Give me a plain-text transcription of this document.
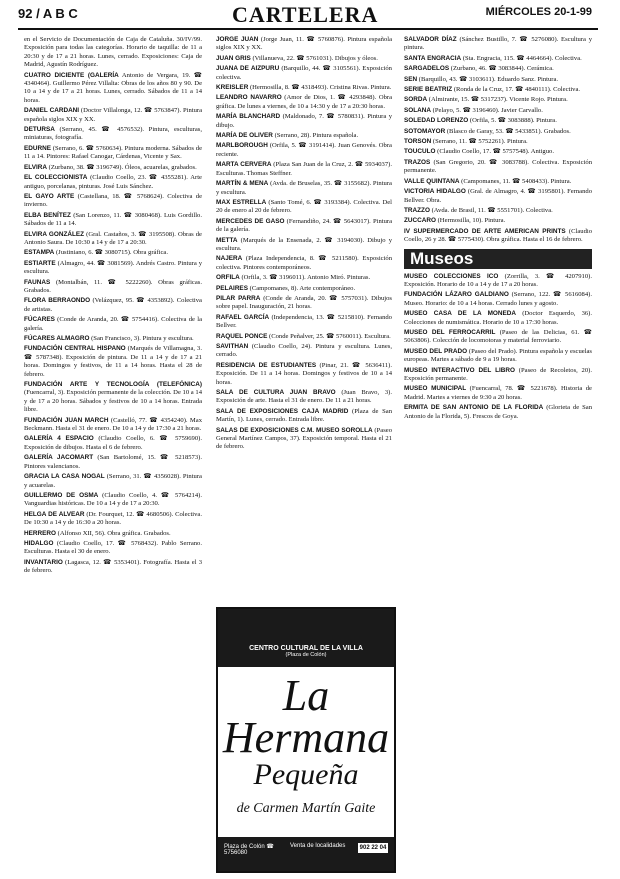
92 / A B C	CARTELERA	MIÉRCOLES 20-1-99

en el Servicio de Documentación de Caja de Cataluña. 30/IV/99. Exposición para todas las categorías. Horario de taquilla: de 11 a 20:30 y de 17 a 21 horas. Lunes, cerrado. Exposiciones: Caja de Madrid, Agustín Rodríguez.

CUATRO DICIENTE (GALERÍA Antonio de Vergara, 19. ☎ 4340464). Guillermo Pérez Villalta: Obras de los años 80 y 90. De 10 a 14 y de 17 a 21 horas. Lunes, cerrado. Sábados de 11 a 14 horas.

DANIEL CARDANI (Doctor Villalonga, 12. ☎ 5763847). Pintura española siglos XIX y XX.

DETURSA (Serrano, 45. ☎ 4576532). Pintura, esculturas, miniaturas, fotografía.

EDURNE (Serrano, 6. ☎ 5760634). Pintura moderna. Sábados de 11 a 14. Pintores: Rafael Canogar, Cárdenas, Vicente y Sax.

ELVIRA (Zurbano, 38. ☎ 3196749). Óleos, acuarelas, grabados.

EL COLECCIONISTA (Claudio Coello, 23. ☎ 4355281). Arte antiguo, porcelanas, pinturas. José Luis Sánchez.

EL GAYO ARTE (Castellana, 18. ☎ 5768624). Colectiva de invierno.

ELBA BENÍTEZ (San Lorenzo, 11. ☎ 3080468). Luis Gordillo. Sábados de 11 a 14.

ELVIRA GONZÁLEZ (Gral. Castaños, 3. ☎ 3195508). Obras de Antonio Saura. De 10:30 a 14 y de 17 a 20:30.

ESTAMPA (Justiniano, 6. ☎ 3080715). Obra gráfica.

ESTIARTE (Almagro, 44. ☎ 3081569). Andrés Castro. Pintura y escultura.

FAUNAS (Montalbán, 11. ☎ 5222260). Obras gráficas. Grabados.

FLORA BERRAONDO (Velázquez, 95. ☎ 4353892). Colectiva de artistas.

FÚCARES (Conde de Aranda, 20. ☎ 5754416). Colectiva de la galería.

FÚCARES ALMAGRO (San Francisco, 3). Pintura y escultura.

FUNDACIÓN CENTRAL HISPANO (Marqués de Villamagna, 3. ☎ 5787348). Exposición de pintura. De 11 a 14 y de 17 a 21 horas. Domingos y festivos, de 11 a 14 horas. Hasta el 28 de febrero.

FUNDACIÓN ARTE Y TECNOLOGÍA (TELEFÓNICA) (Fuencarral, 3). Exposición permanente de la colección. De 10 a 14 y de 17 a 20 horas. Sábados y festivos de 10 a 14 horas. Entrada libre.

FUNDACIÓN JUAN MARCH (Castelló, 77. ☎ 4354240). Max Beckmann. Hasta el 31 de enero. De 10 a 14 y de 17:30 a 21 horas.

GALERÍA 4 ESPACIO (Claudio Coello, 6. ☎ 5759690). Exposición de dibujos. Hasta el 6 de febrero.

GALERÍA JACOMART (San Bartolomé, 15. ☎ 5218573). Pintores valencianos.

GRACIA LA CASA NOGAL (Serrano, 31. ☎ 4356028). Pintura y acuarelas.

GUILLERMO DE OSMA (Claudio Coello, 4. ☎ 5764214). Vanguardias históricas. De 10 a 14 y de 17 a 20:30.

HELGA DE ALVEAR (Dr. Fourquet, 12. ☎ 4680506). Colectiva. De 10:30 a 14 y de 16:30 a 20 horas.

HERRERO (Alfonso XII, 56). Obra gráfica. Grabados.

HIDALGO (Claudio Coello, 17. ☎ 5768432). Pablo Serrano. Esculturas. Hasta el 30 de enero.

INVANTARIO (Lagasca, 12. ☎ 5353401). Fotografía. Hasta el 3 de febrero.

JORGE JUAN (Jorge Juan, 11. ☎ 5760876). Pintura española siglos XIX y XX.

JUAN GRIS (Villanueva, 22. ☎ 5761031). Dibujos y óleos.

JUANA DE AIZPURU (Barquillo, 44. ☎ 3105561). Exposición colectiva.

KREISLER (Hermosilla, 8. ☎ 4318493). Cristina Rivas. Pintura.

LEANDRO NAVARRO (Amor de Dios, 1. ☎ 4293848). Obra gráfica. De lunes a viernes, de 10 a 14:30 y de 17 a 20:30 horas.

MARÍA BLANCHARD (Maldonado, 7. ☎ 5780831). Pintura y dibujo.

MARÍA DE OLIVER (Serrano, 28). Pintura española.

MARLBOROUGH (Orfila, 5. ☎ 3191414). Juan Genovés. Obra reciente.

MARTA CERVERA (Plaza San Juan de la Cruz, 2. ☎ 5934037). Esculturas. Thomas Steffner.

MARTÍN & MENA (Avda. de Bruselas, 35. ☎ 3155682). Pintura y escultura.

MAX ESTRELLA (Santo Tomé, 6. ☎ 3193384). Colectiva. Del 20 de enero al 20 de febrero.

MERCEDES DE GASO (Fernandiño, 24. ☎ 5643017). Pintura de la galería.

METTA (Marqués de la Ensenada, 2. ☎ 3194030). Dibujo y escultura.

NAJERA (Plaza Independencia, 8. ☎ 5211580). Exposición colectiva. Pintores contemporáneos.

ORFILA (Orfila, 3. ☎ 3196011). Antonio Miró. Pinturas.

PELAIRES (Campomanes, 8). Arte contemporáneo.

PILAR PARRA (Conde de Aranda, 20. ☎ 5757031). Dibujos sobre papel. Inauguración, 21 horas.

RAFAEL GARCÍA (Independencia, 13. ☎ 5215810). Fernando Bellver.

RAQUEL PONCE (Conde Peñalver, 25. ☎ 5760011). Escultura.

SAVITHAN (Claudio Coello, 24). Pintura y escultura. Lunes, cerrado.

RESIDENCIA DE ESTUDIANTES (Pinar, 21. ☎ 5636411). Exposición. De 11 a 14 horas. Domingos y festivos de 10 a 14 horas.

SALA DE CULTURA JUAN BRAVO (Juan Bravo, 3). Exposición de arte. Hasta el 31 de enero. De 11 a 21 horas.

SALA DE EXPOSICIONES CAJA MADRID (Plaza de San Martín, 1). Lunes, cerrado. Entrada libre.

SALAS DE EXPOSICIONES C.M. MUSEO SOROLLA (Paseo General Martínez Campos, 37). Exposición temporal. Hasta el 21 de febrero.

SALVADOR DÍAZ (Sánchez Bustillo, 7. ☎ 5276080). Escultura y pintura.

SANTA ENGRACIA (Sta. Engracia, 115. ☎ 4464664). Colectiva.

SARGADELOS (Zurbano, 46. ☎ 3083844). Cerámica.

SEN (Barquillo, 43. ☎ 3103611). Eduardo Sanz. Pintura.

SERIE BEATRIZ (Ronda de la Cruz, 17. ☎ 4840111). Colectiva.

SORDA (Almirante, 15. ☎ 5317237). Vicente Rojo. Pintura.

SOLANA (Pelayo, 5. ☎ 3196460). Javier Carvallo.

SOLEDAD LORENZO (Orfila, 5. ☎ 3083888). Pintura.

SOTOMAYOR (Blasco de Garay, 53. ☎ 5433851). Grabados.

TORSON (Serrano, 11. ☎ 5752261). Pintura.

TOUCULO (Claudio Coello, 17. ☎ 5757548). Antiguo.

TRAZOS (San Gregorio, 20. ☎ 3083788). Colectiva. Exposición permanente.

VALLE QUINTANA (Campomanes, 11. ☎ 5408433). Pintura.

VICTORIA HIDALGO (Gral. de Almagro, 4. ☎ 3195801). Fernando Bellver. Obra.

TRAZZO (Avda. de Brasil, 11. ☎ 5551701). Colectiva.

ZUCCARO (Hermosilla, 10). Pintura.

IV SUPERMERCADO DE ARTE AMERICAN PRINTS (Claudio Coello, 26 y 28. ☎ 5775430). Obra gráfica. Hasta el 16 de febrero.

Museos

MUSEO COLECCIONES ICO (Zorrilla, 3. ☎ 4207910). Exposición. Horario de 10 a 14 y de 17 a 20 horas.

FUNDACIÓN LÁZARO GALDIANO (Serrano, 122. ☎ 5616084). Museo. Horario: de 10 a 14 horas. Cerrado lunes y agosto.

MUSEO CASA DE LA MONEDA (Doctor Esquerdo, 36). Colecciones de numismática. Horario de 10 a 17:30 horas.

MUSEO DEL FERROCARRIL (Paseo de las Delicias, 61. ☎ 5063806). Colección de locomotoras y material ferroviario.

MUSEO DEL PRADO (Paseo del Prado). Pintura española y escuelas europeas. Martes a sábado de 9 a 19 horas.

MUSEO INTERACTIVO DEL LIBRO (Paseo de Recoletos, 20). Exposición permanente.

MUSEO MUNICIPAL (Fuencarral, 78. ☎ 5221678). Historia de Madrid. Martes a viernes de 9:30 a 20 horas.

ERMITA DE SAN ANTONIO DE LA FLORIDA (Glorieta de San Antonio de la Florida, 5). Frescos de Goya.

CENTRO CULTURAL DE LA VILLA
(Plaza de Colón)
La Hermana
Pequeña
de Carmen Martín Gaite
Plaza de Colón ☎ 5756080
Venta de localidades	902 22 04
